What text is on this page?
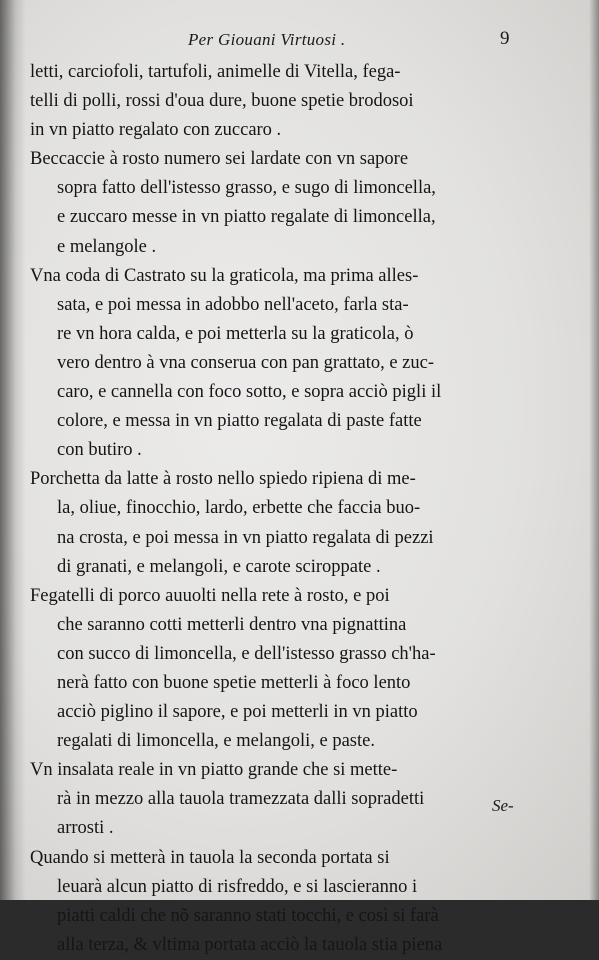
Per Giouani Virtuosi .	9
letti, carciofoli, tartufoli, animelle di Vitella, fega-
telli di polli, rossi d'oua dure, buone spetie brodosoi
in vn piatto regalato con zuccaro .
Beccaccie à rosto numero sei lardate con vn sapore
sopra fatto dell'istesso grasso, e sugo di limoncella,
e zuccaro messe in vn piatto regalate di limoncella,
e melangole .
Vna coda di Castrato su la graticola, ma prima alles-
sata, e poi messa in adobbo nell'aceto, farla sta-
re vn hora calda, e poi metterla su la graticola, ò
vero dentro à vna conserua con pan grattato, e zuc-
caro, e cannella con foco sotto, e sopra acciò pigli il
colore, e messa in vn piatto regalata di paste fatte
con butiro .
Porchetta da latte à rosto nello spiedo ripiena di me-
la, oliue, finocchio, lardo, erbette che faccia buo-
na crosta, e poi messa in vn piatto regalata di pezzi
di granati, e melangoli, e carote sciroppate .
Fegatelli di porco auuolti nella rete à rosto, e poi
che saranno cotti metterli dentro vna pignattina
con succo di limoncella, e dell'istesso grasso ch'ha-
nerà fatto con buone spetie metterli à foco lento
acciò piglino il sapore, e poi metterli in vn piatto
regalati di limoncella, e melangoli, e paste.
Vn insalata reale in vn piatto grande che si mette-
rà in mezzo alla tauola tramezzata dalli sopradetti
arrosti .
Quando si metterà in tauola la seconda portata si
leuarà alcun piatto di risfreddo, e si lascieranno i
piatti caldi che nõ saranno stati tocchi, e così si farà
alla terza, & vltima portata acciò la tauola stia piena
Se-
